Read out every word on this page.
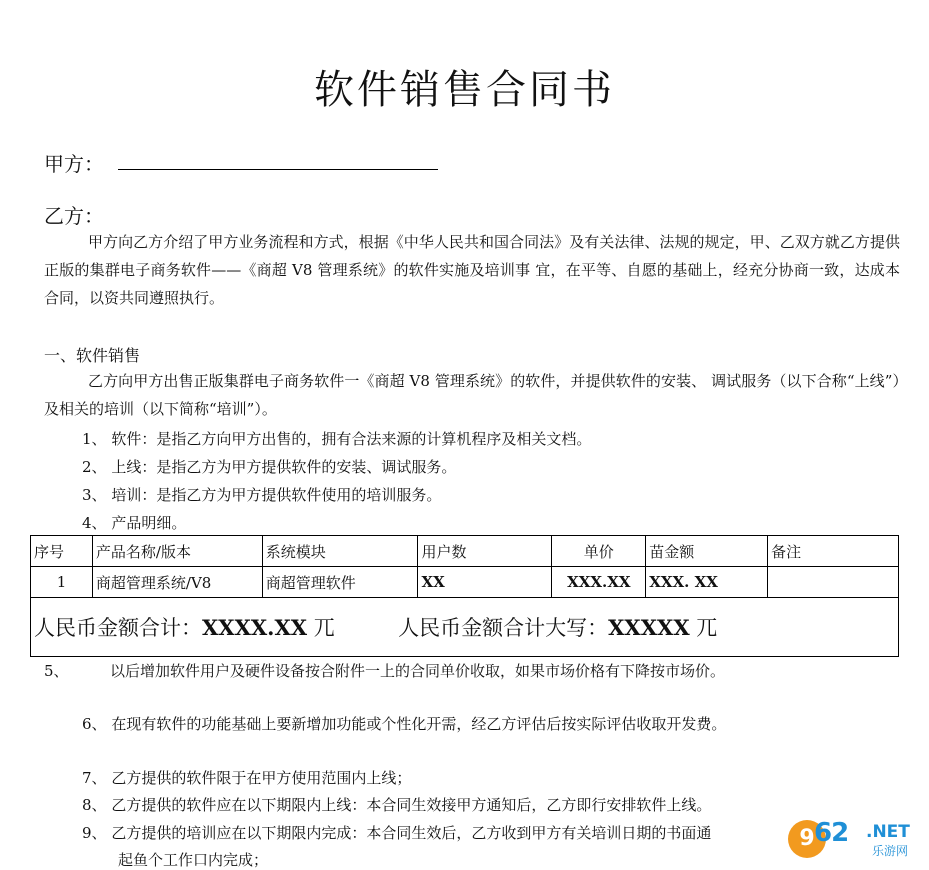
软件销售合同书
甲方：
乙方：
甲方向乙方介绍了甲方业务流程和方式，根据《中华人民共和国合同法》及有关法律、法规的规定，甲、乙双方就乙方提供正版的集群电子商务软件——《商超 V8 管理系统》的软件实施及培训事 宜，在平等、自愿的基础上，经充分协商一致，达成本合同，以资共同遵照执行。
一、软件销售
乙方向甲方出售正版集群电子商务软件一《商超 V8 管理系统》的软件，并提供软件的安装、 调试服务（以下合称“上线”）及相关的培训（以下简称“培训”）。
1、 软件：是指乙方向甲方出售的，拥有合法来源的计算机程序及相关文档。
2、 上线：是指乙方为甲方提供软件的安装、调试服务。
3、 培训：是指乙方为甲方提供软件使用的培训服务。
4、 产品明细。
序号	产品名称/版本	系统模块	用户数	单价	苗金额	备注
1	商超管理系统/V8	商超管理软件	XX	XXX.XX	XXX. XX	
人民币金额合计：XXXX.XX 兀 人民币金额合计大写：XXXXX 兀						
5、	以后增加软件用户及硬件设备按合附件一上的合同单价收取，如果市场价格有下降按市场价。
6、 在现有软件的功能基础上要新增加功能或个性化开需，经乙方评估后按实际评估收取开发费。
7、 乙方提供的软件限于在甲方使用范围内上线；
8、 乙方提供的软件应在以下期限内上线：本合同生效接甲方通知后，乙方即行安排软件上线。
9、 乙方提供的培训应在以下期限内完成：本合同生效后，乙方收到甲方有关培训日期的书面通
起鱼个工作口内完成；
9 62 .NET
乐游网
